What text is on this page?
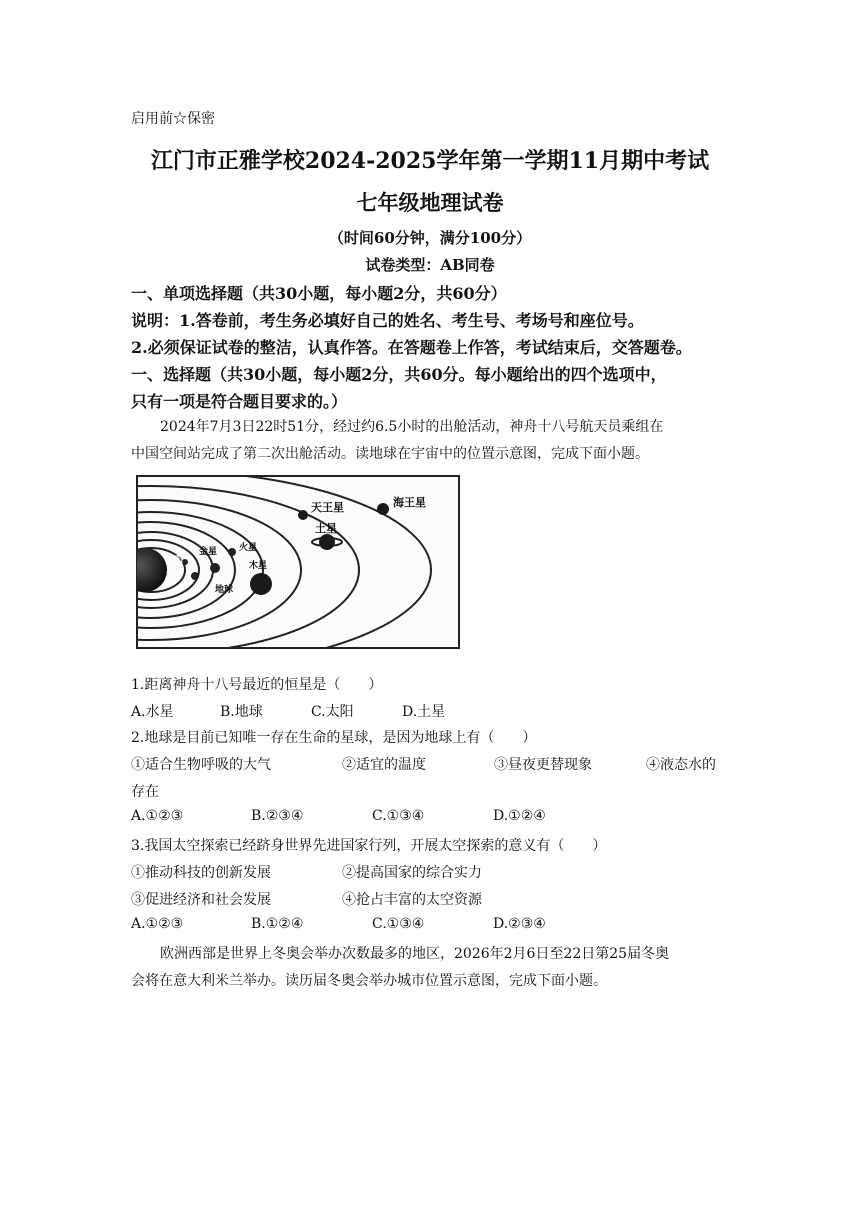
启用前☆保密
江门市正雅学校2024-2025学年第一学期11月期中考试
七年级地理试卷
（时间60分钟，满分100分）
试卷类型：AB同卷
一、单项选择题（共30小题，每小题2分，共60分）
说明：1.答卷前，考生务必填好自己的姓名、考生号、考场号和座位号。
2.必须保证试卷的整洁，认真作答。在答题卷上作答，考试结束后，交答题卷。
一、选择题（共30小题，每小题2分，共60分。每小题给出的四个选项中，
只有一项是符合题目要求的。）
2024年7月3日22时51分，经过约6.5小时的出舱活动，神舟十八号航天员乘组在
中国空间站完成了第二次出舱活动。读地球在宇宙中的位置示意图，完成下面小题。
天王星	海王星
土星
地球
太阳
木星
火星
金星
1.距离神舟十八号最近的恒星是（　　）
A.水星	B.地球	C.太阳	D.土星
2.地球是目前已知唯一存在生命的星球，是因为地球上有（　　）
①适合生物呼吸的大气	②适宜的温度	③昼夜更替现象	④液态水的
存在
A.①②③	B.②③④	C.①③④	D.①②④
3.我国太空探索已经跻身世界先进国家行列，开展太空探索的意义有（　　）
①推动科技的创新发展	②提高国家的综合实力
③促进经济和社会发展	④抢占丰富的太空资源
A.①②③	B.①②④	C.①③④	D.②③④
欧洲西部是世界上冬奥会举办次数最多的地区，2026年2月6日至22日第25届冬奥
会将在意大利米兰举办。读历届冬奥会举办城市位置示意图，完成下面小题。
